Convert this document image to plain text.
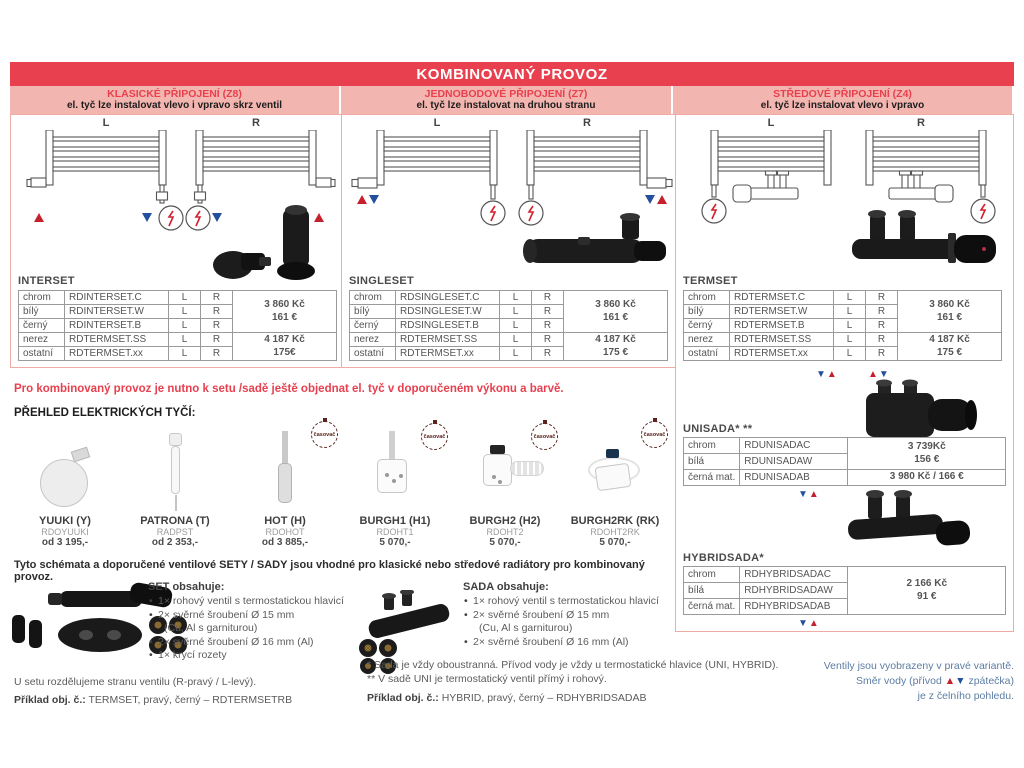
KOMBINOVANÝ PROVOZ
KLASICKÉ PŘIPOJENÍ (Z8)
el. tyč lze instalovat vlevo i vpravo skrz ventil
JEDNOBODOVÉ PŘIPOJENÍ (Z7)
el. tyč lze instalovat na druhou stranu
STŘEDOVÉ PŘIPOJENÍ (Z4)
el. tyč lze instalovat vlevo i vpravo
L	R
INTERSET
chrom	RDINTERSET.C	L	R	3 860 Kč
161 €

bílý	RDINTERSET.W	L	R	
černý	RDINTERSET.B	L	R	
nerez	RDTERMSET.SS	L	R	4 187 Kč
175€

ostatní	RDTERMSET.xx	L	R	
L	R
SINGLESET
chrom	RDSINGLESET.C	L	R	3 860 Kč
161 €

bílý	RDSINGLESET.W	L	R	
černý	RDSINGLESET.B	L	R	
nerez	RDTERMSET.SS	L	R	4 187 Kč
175 €

ostatní	RDTERMSET.xx	L	R	
L	R
TERMSET
chrom	RDTERMSET.C	L	R	3 860 Kč
161 €

bílý	RDTERMSET.W	L	R	
černý	RDTERMSET.B	L	R	
nerez	RDTERMSET.SS	L	R	4 187 Kč
175 €

ostatní	RDTERMSET.xx	L	R	
▼▲	▲▼
UNISADA* **
chrom	RDUNISADAC	3 739Kč
156 €

bílá	RDUNISADAW	
černá mat.	RDUNISADAB	3 980 Kč / 166 €
▼▲
HYBRIDSADA*
chrom	RDHYBRIDSADAC	2 166 Kč
91 €

bílá	RDHYBRIDSADAW	
černá mat.	RDHYBRIDSADAB	
▼▲
Pro kombinovaný provoz je nutno k setu /sadě ještě objednat el. tyč v doporučeném výkonu a barvě.
PŘEHLED ELEKTRICKÝCH TYČÍ:
YUUKI (Y)
RDOYUUKI
od 3 195,-
PATRONA (T)
RADPST
od 2 353,-
časovač
HOT (H)
RDOHOT
od 3 885,-
časovač
BURGH1 (H1)
RDOHT1
5 070,-
časovač
BURGH2 (H2)
RDOHT2
5 070,-
časovač
BURGH2RK (RK)
RDOHT2RK
5 070,-
Tyto schémata a doporučené ventilové SETY / SADY jsou vhodné pro klasické nebo středové radiátory pro kombinovaný provoz.
SET obsahuje:
• 1× rohový ventil s termostatickou hlavicí
• 2× svěrné šroubení Ø 15 mm
(Cu, Al s garniturou)
• 2× svěrné šroubení Ø 16 mm (Al)
• 1× krycí rozety
SADA obsahuje:
• 1× rohový ventil s termostatickou hlavicí
• 2× svěrné šroubení Ø 15 mm
(Cu, Al s garniturou)
• 2× svěrné šroubení Ø 16 mm (Al)
U setu rozdělujeme stranu ventilu (R-pravý / L-levý).
Příklad obj. č.: TERMSET, pravý, černý – RDTERMSETRB
* Sada je vždy oboustranná. Přívod vody je vždy u termostatické hlavice (UNI, HYBRID).
** V sadě UNI je termostatický ventil přímý i rohový.
Příklad obj. č.: HYBRID, pravý, černý – RDHYBRIDSADAB
Ventily jsou vyobrazeny v pravé variantě.
Směr vody (přívod ▲▼ zpátečka)
je z čelního pohledu.
